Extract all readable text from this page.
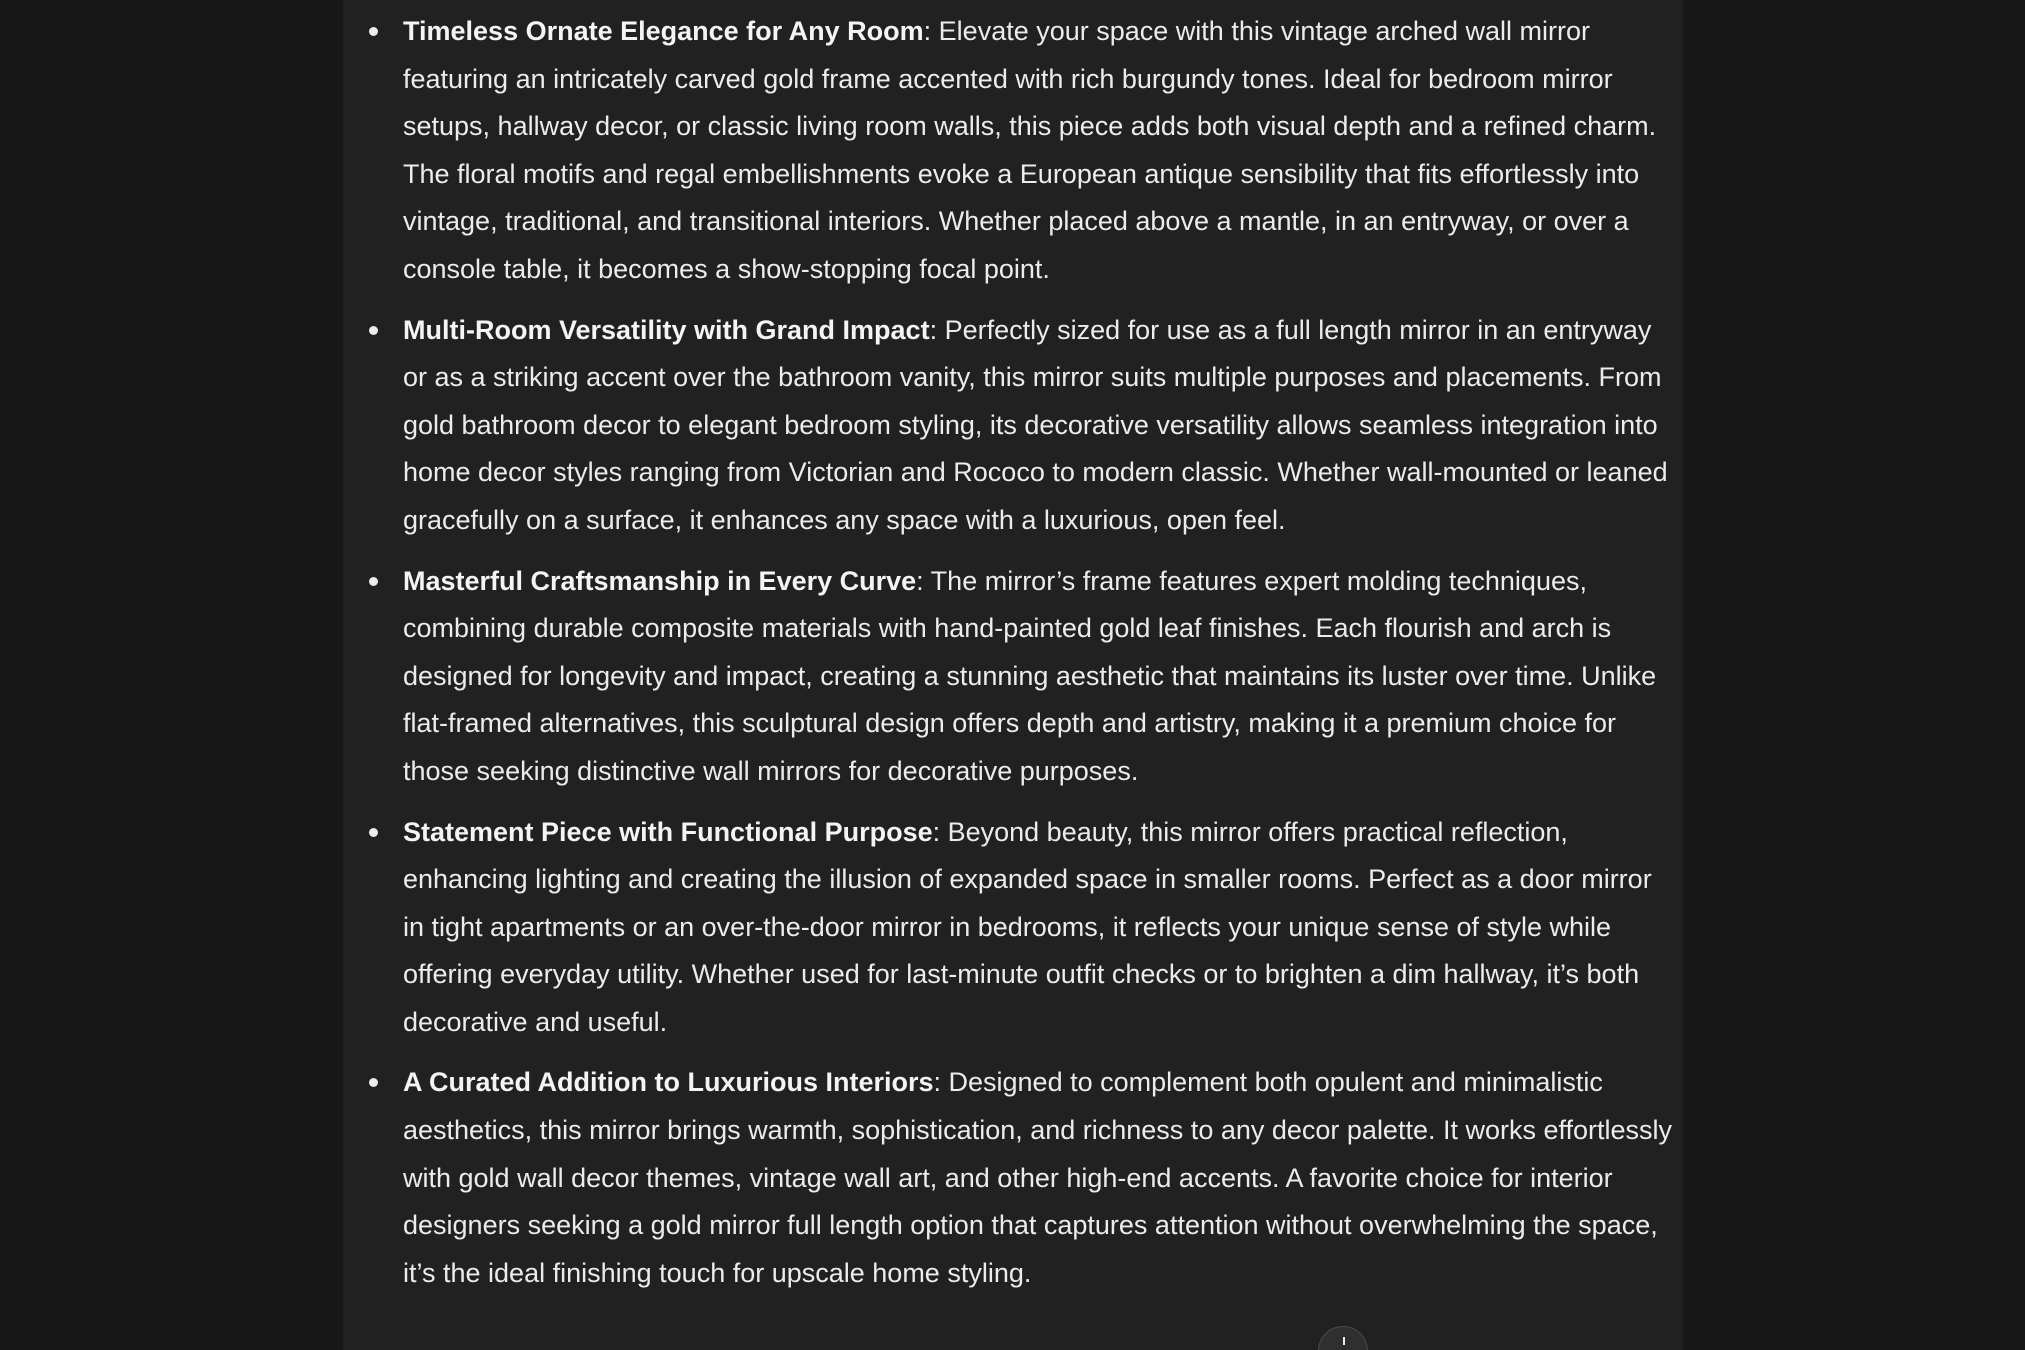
Timeless Ornate Elegance for Any Room: Elevate your space with this vintage arched wall mirror featuring an intricately carved gold frame accented with rich burgundy tones. Ideal for bedroom mirror setups, hallway decor, or classic living room walls, this piece adds both visual depth and a refined charm. The floral motifs and regal embellishments evoke a European antique sensibility that fits effortlessly into vintage, traditional, and transitional interiors. Whether placed above a mantle, in an entryway, or over a console table, it becomes a show-stopping focal point.
Multi-Room Versatility with Grand Impact: Perfectly sized for use as a full length mirror in an entryway or as a striking accent over the bathroom vanity, this mirror suits multiple purposes and placements. From gold bathroom decor to elegant bedroom styling, its decorative versatility allows seamless integration into home decor styles ranging from Victorian and Rococo to modern classic. Whether wall-mounted or leaned gracefully on a surface, it enhances any space with a luxurious, open feel.
Masterful Craftsmanship in Every Curve: The mirror’s frame features expert molding techniques, combining durable composite materials with hand-painted gold leaf finishes. Each flourish and arch is designed for longevity and impact, creating a stunning aesthetic that maintains its luster over time. Unlike flat-framed alternatives, this sculptural design offers depth and artistry, making it a premium choice for those seeking distinctive wall mirrors for decorative purposes.
Statement Piece with Functional Purpose: Beyond beauty, this mirror offers practical reflection, enhancing lighting and creating the illusion of expanded space in smaller rooms. Perfect as a door mirror in tight apartments or an over-the-door mirror in bedrooms, it reflects your unique sense of style while offering everyday utility. Whether used for last-minute outfit checks or to brighten a dim hallway, it’s both decorative and useful.
A Curated Addition to Luxurious Interiors: Designed to complement both opulent and minimalistic aesthetics, this mirror brings warmth, sophistication, and richness to any decor palette. It works effortlessly with gold wall decor themes, vintage wall art, and other high-end accents. A favorite choice for interior designers seeking a gold mirror full length option that captures attention without overwhelming the space, it’s the ideal finishing touch for upscale home styling.
